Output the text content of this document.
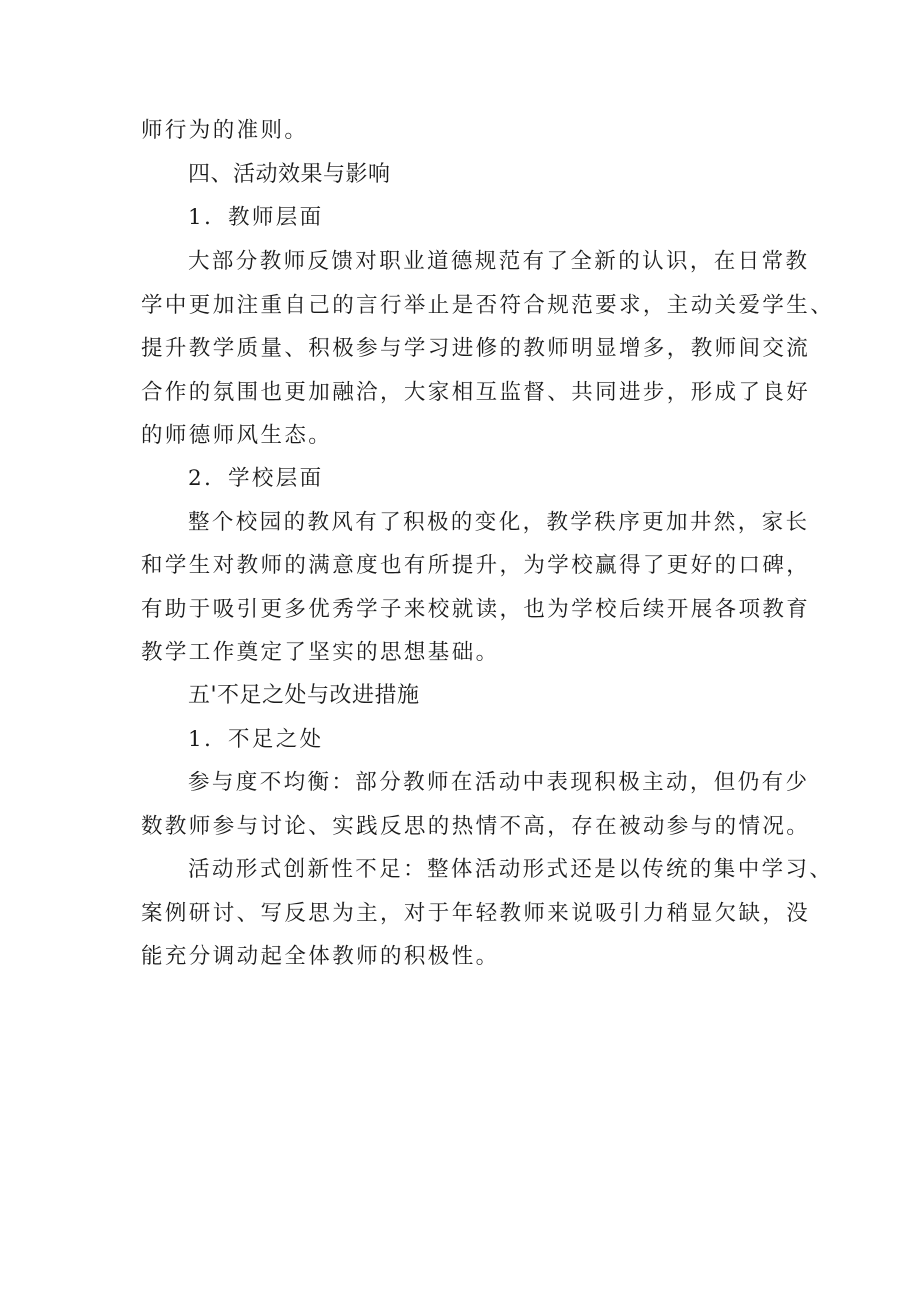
师行为的准则。
四、活动效果与影响
1．教师层面
大部分教师反馈对职业道德规范有了全新的认识，在日常教
学中更加注重自己的言行举止是否符合规范要求，主动关爱学生、
提升教学质量、积极参与学习进修的教师明显增多，教师间交流
合作的氛围也更加融洽，大家相互监督、共同进步，形成了良好
的师德师风生态。
2．学校层面
整个校园的教风有了积极的变化，教学秩序更加井然，家长
和学生对教师的满意度也有所提升，为学校赢得了更好的口碑，
有助于吸引更多优秀学子来校就读，也为学校后续开展各项教育
教学工作奠定了坚实的思想基础。
五'不足之处与改进措施
1．不足之处
参与度不均衡：部分教师在活动中表现积极主动，但仍有少
数教师参与讨论、实践反思的热情不高，存在被动参与的情况。
活动形式创新性不足：整体活动形式还是以传统的集中学习、
案例研讨、写反思为主，对于年轻教师来说吸引力稍显欠缺，没
能充分调动起全体教师的积极性。
